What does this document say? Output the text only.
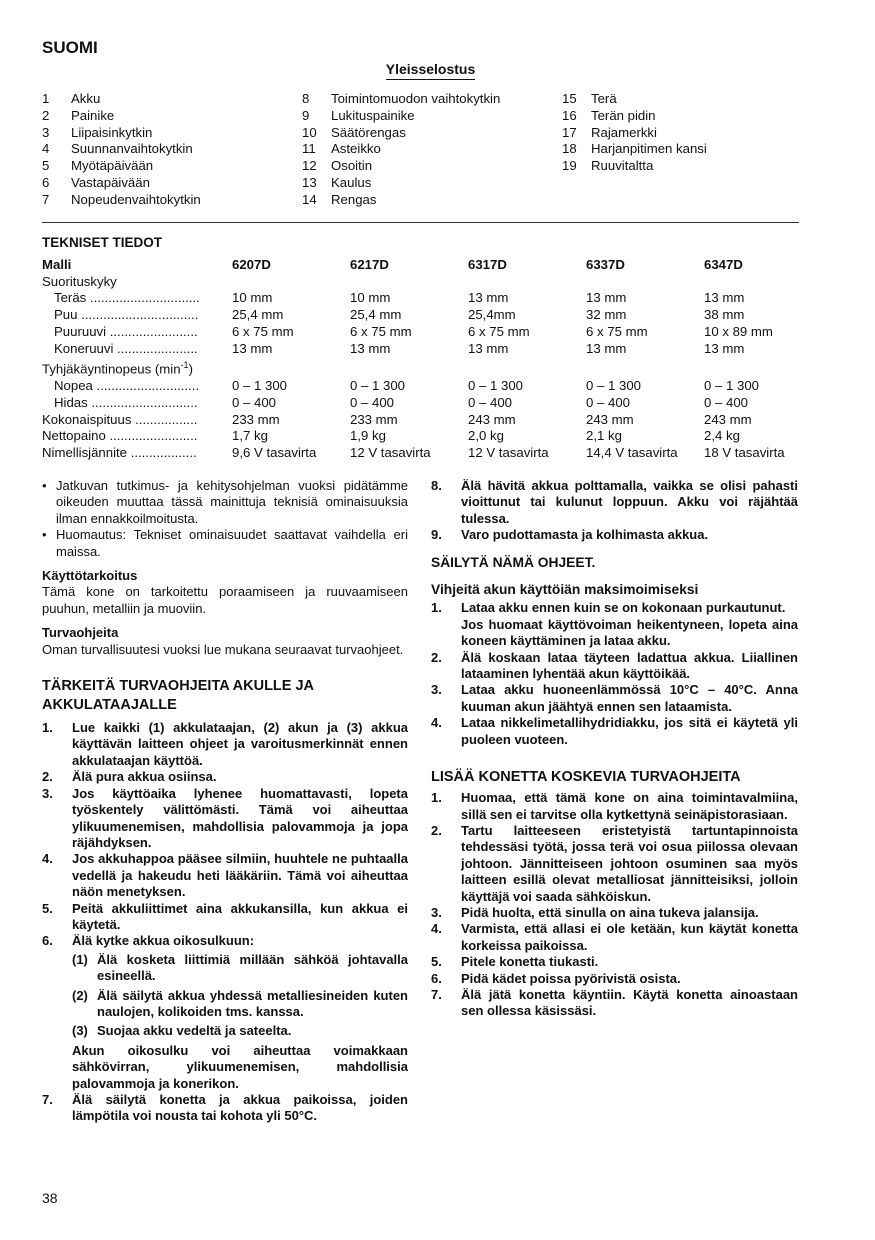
SUOMI
Yleisselostus
1	Akku
2	Painike
3	Liipaisinkytkin
4	Suunnanvaihtokytkin
5	Myötäpäivään
6	Vastapäivään
7	Nopeudenvaihtokytkin
8	Toimintomuodon vaihtokytkin
9	Lukituspainike
10	Säätörengas
11	Asteikko
12	Osoitin
13	Kaulus
14	Rengas
15	Terä
16	Terän pidin
17	Rajamerkki
18	Harjanpitimen kansi
19	Ruuvitaltta
TEKNISET TIEDOT
Malli	6207D	6217D	6317D	6337D	6347D
Suorituskyky					
Teräs ..............................	10 mm	10 mm	13 mm	13 mm	13 mm
Puu ................................	25,4 mm	25,4 mm	25,4mm	32 mm	38 mm
Puuruuvi ........................	6 x 75 mm	6 x 75 mm	6 x 75 mm	6 x 75 mm	10 x 89 mm
Koneruuvi ......................	13 mm	13 mm	13 mm	13 mm	13 mm
Tyhjäkäyntinopeus $(\min^{-1})$					
Nopea ............................	0 – 1 300	0 – 1 300	0 – 1 300	0 – 1 300	0 – 1 300
Hidas .............................	0 – 400	0 – 400	0 – 400	0 – 400	0 – 400
Kokonaispituus .................	233 mm	233 mm	243 mm	243 mm	243 mm
Nettopaino ........................	1,7 kg	1,9 kg	2,0 kg	2,1 kg	2,4 kg
Nimellisjännite ..................	9,6 V tasavirta	12 V tasavirta	12 V tasavirta	14,4 V tasavirta	18 V tasavirta
• Jatkuvan tutkimus- ja kehitysohjelman vuoksi pidätämme oikeuden muuttaa tässä mainittuja teknisiä ominaisuuksia ilman ennakkoilmoitusta.
• Huomautus: Tekniset ominaisuudet saattavat vaihdella eri maissa.
Käyttötarkoitus
Tämä kone on tarkoitettu poraamiseen ja ruuvaamiseen puuhun, metalliin ja muoviin.
Turvaohjeita
Oman turvallisuutesi vuoksi lue mukana seuraavat turvaohjeet.
TÄRKEITÄ TURVAOHJEITA AKULLE JA AKKULATAAJALLE
1.	Lue kaikki (1) akkulataajan, (2) akun ja (3) akkua käyttävän laitteen ohjeet ja varoitusmerkinnät ennen akkulataajan käyttöä.
2.	Älä pura akkua osiinsa.
3.	Jos käyttöaika lyhenee huomattavasti, lopeta työskentely välittömästi. Tämä voi aiheuttaa ylikuumenemisen, mahdollisia palovammoja ja jopa räjähdyksen.
4.	Jos akkuhappoa pääsee silmiin, huuhtele ne puhtaalla vedellä ja hakeudu heti lääkäriin. Tämä voi aiheuttaa näön menetyksen.
5.	Peitä akkuliittimet aina akkukansilla, kun akkua ei käytetä.
6.	Älä kytke akkua oikosulkuun:
(1) Älä kosketa liittimiä millään sähköä johtavalla esineellä.
(2) Älä säilytä akkua yhdessä metalliesineiden kuten naulojen, kolikoiden tms. kanssa.
(3) Suojaa akku vedeltä ja sateelta.
Akun oikosulku voi aiheuttaa voimakkaan sähkövirran, ylikuumenemisen, mahdollisia palovammoja ja konerikon.
7.	Älä säilytä konetta ja akkua paikoissa, joiden lämpötila voi nousta tai kohota yli 50°C.
8.	Älä hävitä akkua polttamalla, vaikka se olisi pahasti vioittunut tai kulunut loppuun. Akku voi räjähtää tulessa.
9.	Varo pudottamasta ja kolhimasta akkua.
SÄILYTÄ NÄMÄ OHJEET.
Vihjeitä akun käyttöiän maksimoimiseksi
1.	Lataa akku ennen kuin se on kokonaan purkautunut.
Jos huomaat käyttövoiman heikentyneen, lopeta aina koneen käyttäminen ja lataa akku.
2.	Älä koskaan lataa täyteen ladattua akkua. Liiallinen lataaminen lyhentää akun käyttöikää.
3.	Lataa akku huoneenlämmössä 10°C – 40°C. Anna kuuman akun jäähtyä ennen sen lataamista.
4.	Lataa nikkelimetallihydridiakku, jos sitä ei käytetä yli puoleen vuoteen.
LISÄÄ KONETTA KOSKEVIA TURVAOHJEITA
1.	Huomaa, että tämä kone on aina toimintavalmiina, sillä sen ei tarvitse olla kytkettynä seinäpistorasiaan.
2.	Tartu laitteeseen eristetyistä tartuntapinnoista tehdessäsi työtä, jossa terä voi osua piilossa olevaan johtoon. Jännitteiseen johtoon osuminen saa myös laitteen esillä olevat metalliosat jännitteisiksi, jolloin käyttäjä voi saada sähköiskun.
3.	Pidä huolta, että sinulla on aina tukeva jalansija.
4.	Varmista, että allasi ei ole ketään, kun käytät konetta korkeissa paikoissa.
5.	Pitele konetta tiukasti.
6.	Pidä kädet poissa pyörivistä osista.
7.	Älä jätä konetta käyntiin. Käytä konetta ainoastaan sen ollessa käsissäsi.
38
